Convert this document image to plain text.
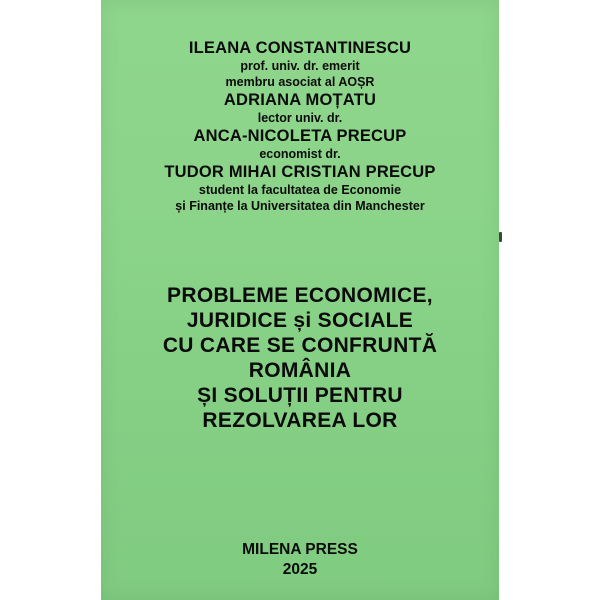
ILEANA CONSTANTINESCU
prof. univ. dr. emerit
membru asociat al AOȘR
ADRIANA MOȚATU
lector univ. dr.
ANCA-NICOLETA PRECUP
economist dr.
TUDOR MIHAI CRISTIAN PRECUP
student la facultatea de Economie
și Finanțe la Universitatea din Manchester
PROBLEME ECONOMICE,
JURIDICE și SOCIALE
CU CARE SE CONFRUNTĂ
ROMÂNIA
ȘI SOLUȚII PENTRU
REZOLVAREA LOR
MILENA PRESS
2025
